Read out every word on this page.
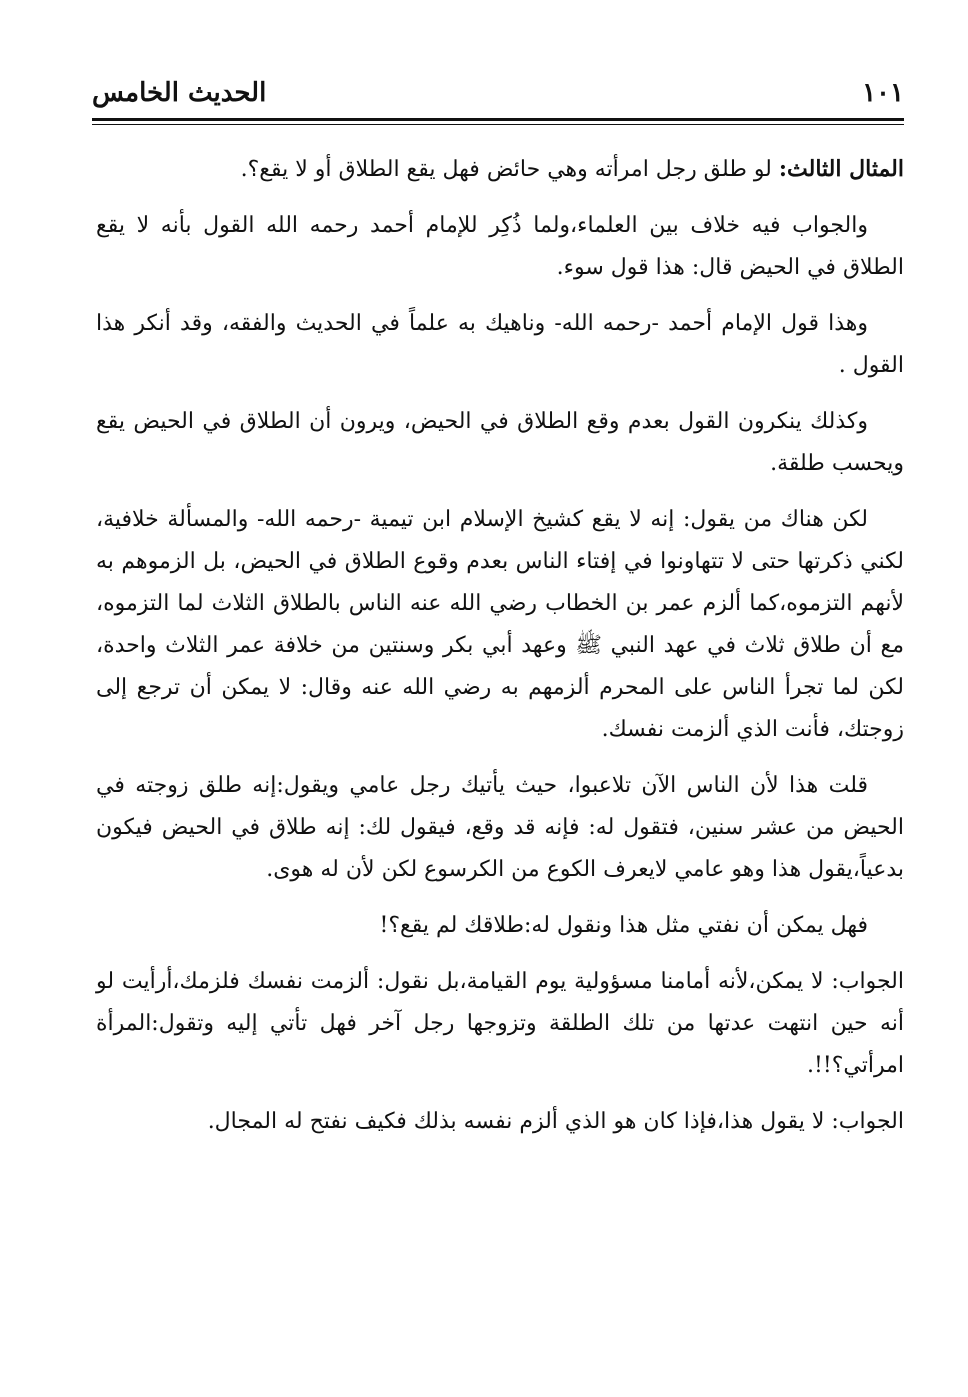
١٠١
الحديث الخامس

المثال الثالث: لو طلق رجل امرأته وهي حائض فهل يقع الطلاق أو لا يقع؟.

والجواب فيه خلاف بين العلماء،ولما ذُكِر للإمام أحمد رحمه الله القول بأنه لا يقع الطلاق في الحيض قال: هذا قول سوء.

وهذا قول الإمام أحمد -رحمه الله- وناهيك به علماً في الحديث والفقه، وقد أنكر هذا القول .

وكذلك ينكرون القول بعدم وقع الطلاق في الحيض، ويرون أن الطلاق في الحيض يقع ويحسب طلقة.

لكن هناك من يقول: إنه لا يقع كشيخ الإسلام ابن تيمية -رحمه الله- والمسألة خلافية، لكني ذكرتها حتى لا تتهاونوا في إفتاء الناس بعدم وقوع الطلاق في الحيض، بل الزموهم به لأنهم التزموه،كما ألزم عمر بن الخطاب رضي الله عنه الناس بالطلاق الثلاث لما التزموه، مع أن طلاق ثلاث في عهد النبي ﷺ وعهد أبي بكر وسنتين من خلافة عمر الثلاث واحدة، لكن لما تجرأ الناس على المحرم ألزمهم به رضي الله عنه وقال: لا يمكن أن ترجع إلى زوجتك، فأنت الذي ألزمت نفسك.

قلت هذا لأن الناس الآن تلاعبوا، حيث يأتيك رجل عامي ويقول:إنه طلق زوجته في الحيض من عشر سنين، فتقول له: فإنه قد وقع، فيقول لك: إنه طلاق في الحيض فيكون بدعياً،يقول هذا وهو عامي لايعرف الكوع من الكرسوع لكن لأن له هوى.

فهل يمكن أن نفتي مثل هذا ونقول له:طلاقك لم يقع؟!

الجواب: لا يمكن،لأنه أمامنا مسؤولية يوم القيامة،بل نقول: ألزمت نفسك فلزمك،أرأيت لو أنه حين انتهت عدتها من تلك الطلقة وتزوجها رجل آخر فهل تأتي إليه وتقول:المرأة امرأتي؟!!.

الجواب: لا يقول هذا،فإذا كان هو الذي ألزم نفسه بذلك فكيف نفتح له المجال.
